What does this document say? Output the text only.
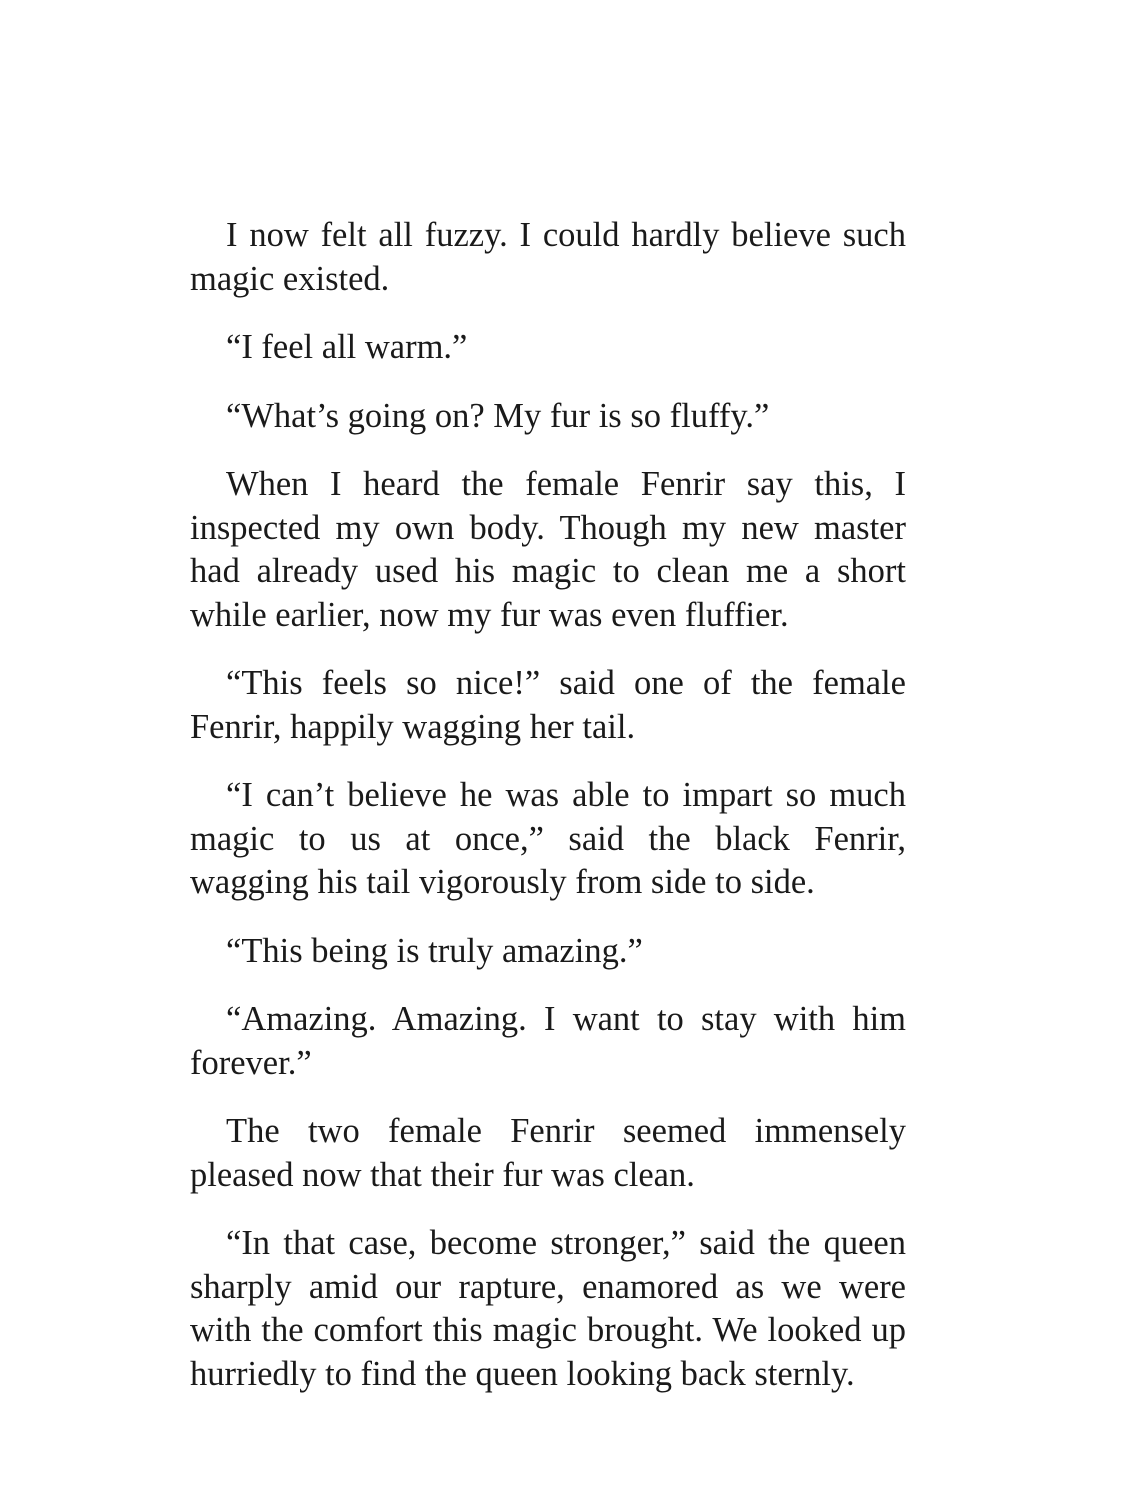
I now felt all fuzzy. I could hardly believe such magic existed.

“I feel all warm.”

“What’s going on? My fur is so fluffy.”

When I heard the female Fenrir say this, I inspected my own body. Though my new master had already used his magic to clean me a short while earlier, now my fur was even fluffier.

“This feels so nice!” said one of the female Fenrir, happily wagging her tail.

“I can’t believe he was able to impart so much magic to us at once,” said the black Fenrir, wagging his tail vigorously from side to side.

“This being is truly amazing.”

“Amazing. Amazing. I want to stay with him forever.”

The two female Fenrir seemed immensely pleased now that their fur was clean.

“In that case, become stronger,” said the queen sharply amid our rapture, enamored as we were with the comfort this magic brought. We looked up hurriedly to find the queen looking back sternly.
